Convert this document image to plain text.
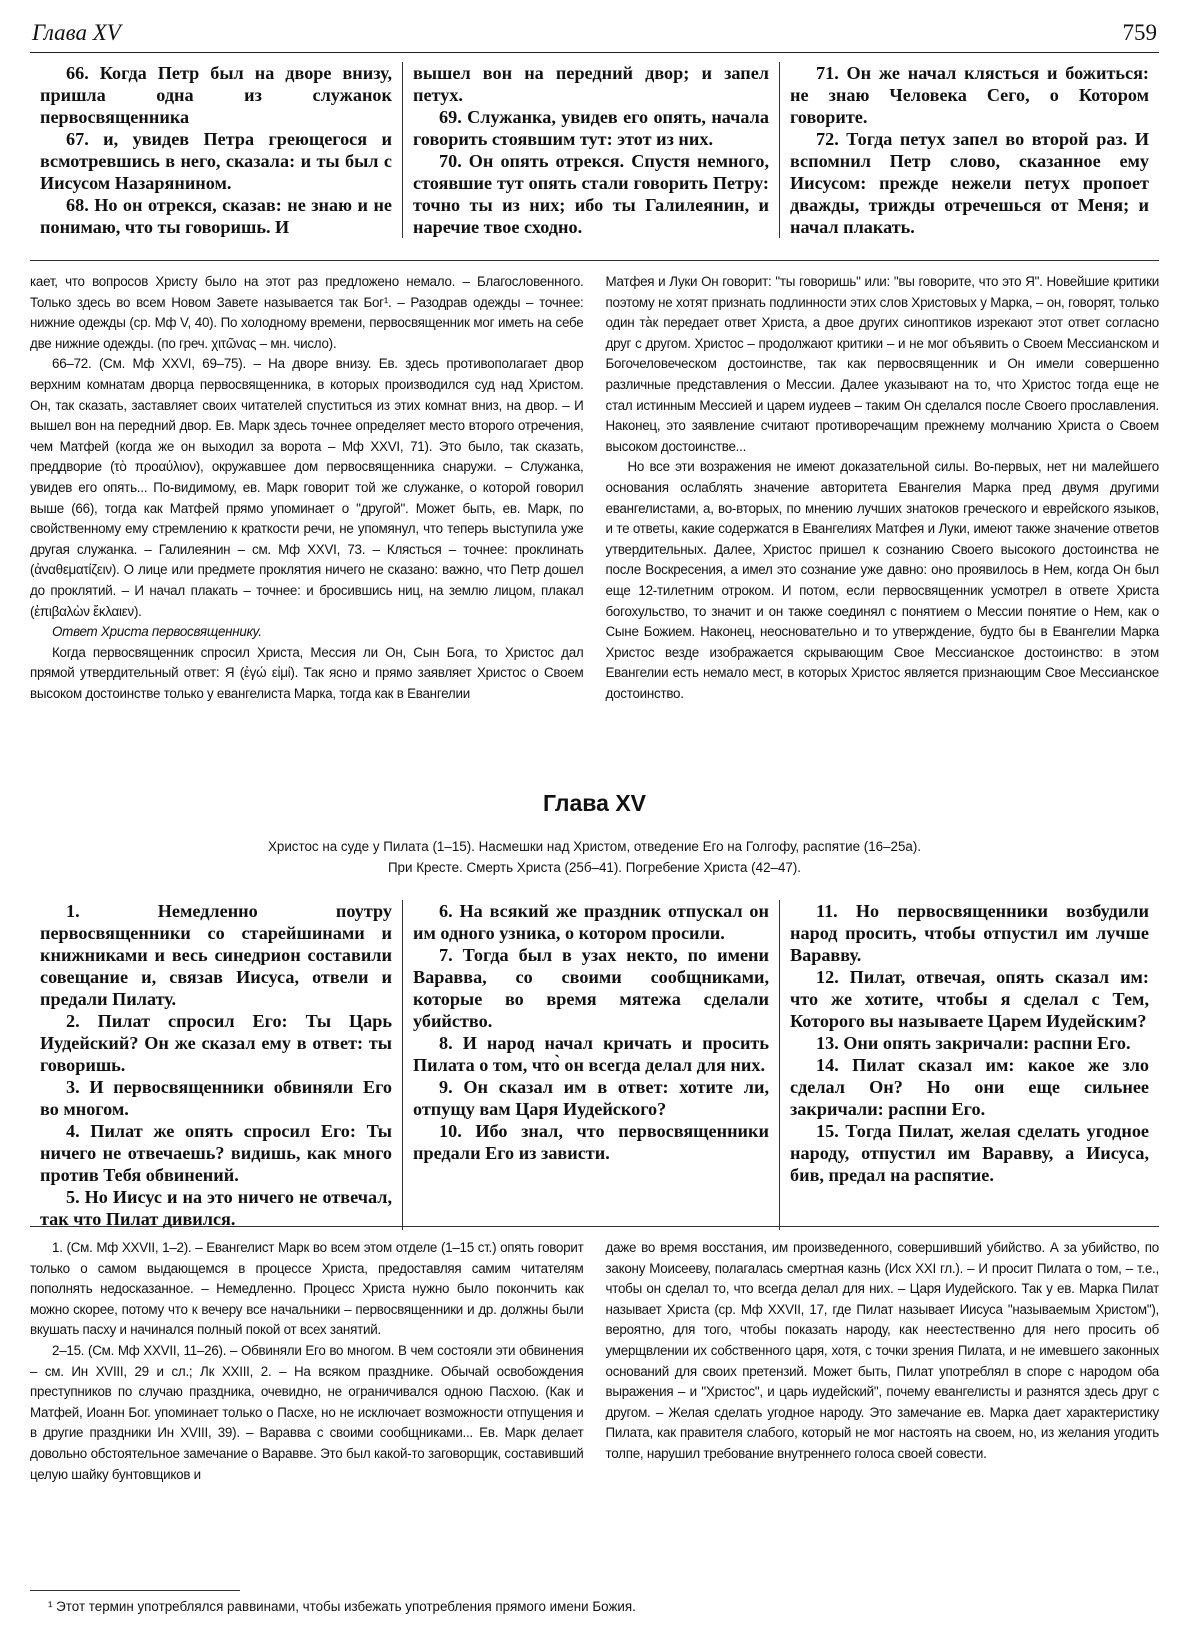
Глава XV	759

66. Когда Петр был на дворе внизу, пришла одна из служанок первосвященника

67. и, увидев Петра греющегося и всмотревшись в него, сказала: и ты был с Иисусом Назарянином.

68. Но он отрекся, сказав: не знаю и не понимаю, что ты говоришь. И

вышел вон на передний двор; и запел петух.

69. Служанка, увидев его опять, начала говорить стоявшим тут: этот из них.

70. Он опять отрекся. Спустя немного, стоявшие тут опять стали говорить Петру: точно ты из них; ибо ты Галилеянин, и наречие твое сходно.

71. Он же начал клясться и божиться: не знаю Человека Сего, о Котором говорите.

72. Тогда петух запел во второй раз. И вспомнил Петр слово, сказанное ему Иисусом: прежде нежели петух пропоет дважды, трижды отречешься от Меня; и начал плакать.

кает, что вопросов Христу было на этот раз предложено немало. – Благословенного. Только здесь во всем Новом Завете называется так Бог¹. – Разодрав одежды – точнее: нижние одежды (ср. Мф V, 40). По холодному времени, первосвященник мог иметь на себе две нижние одежды. (по греч. χιτῶνας – мн. число).

66–72. (См. Мф XXVI, 69–75). – На дворе внизу. Ев. здесь противополагает двор верхним комнатам дворца первосвященника, в которых производился суд над Христом. Он, так сказать, заставляет своих читателей спуститься из этих комнат вниз, на двор. – И вышел вон на передний двор. Ев. Марк здесь точнее определяет место второго отречения, чем Матфей (когда же он выходил за ворота – Мф XXVI, 71). Это было, так сказать, преддворие (τὸ προαύλιον), окружавшее дом первосвященника снаружи. – Служанка, увидев его опять... По-видимому, ев. Марк говорит той же служанке, о которой говорил выше (66), тогда как Матфей прямо упоминает о "другой". Может быть, ев. Марк, по свойственному ему стремлению к краткости речи, не упомянул, что теперь выступила уже другая служанка. – Галилеянин – см. Мф XXVI, 73. – Клясться – точнее: проклинать (ἀναθεματίζειν). О лице или предмете проклятия ничего не сказано: важно, что Петр дошел до проклятий. – И начал плакать – точнее: и бросившись ниц, на землю лицом, плакал (ἐπιβαλὼν ἔκλαιεν).

Ответ Христа первосвященнику.

Когда первосвященник спросил Христа, Мессия ли Он, Сын Бога, то Христос дал прямой утвердительный ответ: Я (ἐγώ εἰμί). Так ясно и прямо заявляет Христос о Своем высоком достоинстве только у евангелиста Марка, тогда как в Евангелии

Матфея и Луки Он говорит: "ты говоришь" или: "вы говорите, что это Я". Новейшие критики поэтому не хотят признать подлинности этих слов Христовых у Марка, – он, говорят, только один та̀к передает ответ Христа, а двое других синоптиков изрекают этот ответ согласно друг с другом. Христос – продолжают критики – и не мог объявить о Своем Мессианском и Богочеловеческом достоинстве, так как первосвященник и Он имели совершенно различные представления о Мессии. Далее указывают на то, что Христос тогда еще не стал истинным Мессией и царем иудеев – таким Он сделался после Своего прославления. Наконец, это заявление считают противоречащим прежнему молчанию Христа о Своем высоком достоинстве...

Но все эти возражения не имеют доказательной силы. Во-первых, нет ни малейшего основания ослаблять значение авторитета Евангелия Марка пред двумя другими евангелистами, а, во-вторых, по мнению лучших знатоков греческого и еврейского языков, и те ответы, какие содержатся в Евангелиях Матфея и Луки, имеют также значение ответов утвердительных. Далее, Христос пришел к сознанию Своего высокого достоинства не после Воскресения, а имел это сознание уже давно: оно проявилось в Нем, когда Он был еще 12-тилетним отроком. И потом, если первосвященник усмотрел в ответе Христа богохульство, то значит и он также соединял с понятием о Мессии понятие о Нем, как о Сыне Божием. Наконец, неосновательно и то утверждение, будто бы в Евангелии Марка Христос везде изображается скрывающим Свое Мессианское достоинство: в этом Евангелии есть немало мест, в которых Христос является признающим Свое Мессианское достоинство.

Глава XV
Христос на суде у Пилата (1–15). Насмешки над Христом, отведение Его на Голгофу, распятие (16–25а).
При Кресте. Смерть Христа (25б–41). Погребение Христа (42–47).

1. Немедленно поутру первосвященники со старейшинами и книжниками и весь синедрион составили совещание и, связав Иисуса, отвели и предали Пилату.

2. Пилат спросил Его: Ты Царь Иудейский? Он же сказал ему в ответ: ты говоришь.

3. И первосвященники обвиняли Его во многом.

4. Пилат же опять спросил Его: Ты ничего не отвечаешь? видишь, как много против Тебя обвинений.

5. Но Иисус и на это ничего не отвечал, так что Пилат дивился.

6. На всякий же праздник отпускал он им одного узника, о котором просили.

7. Тогда был в узах некто, по имени Варавва, со своими сообщниками, которые во время мятежа сделали убийство.

8. И народ начал кричать и просить Пилата о том, что̀ он всегда делал для них.

9. Он сказал им в ответ: хотите ли, отпущу вам Царя Иудейского?

10. Ибо знал, что первосвященники предали Его из зависти.

11. Но первосвященники возбудили народ просить, чтобы отпустил им лучше Варавву.

12. Пилат, отвечая, опять сказал им: что же хотите, чтобы я сделал с Тем, Которого вы называете Царем Иудейским?

13. Они опять закричали: распни Его.

14. Пилат сказал им: какое же зло сделал Он? Но они еще сильнее закричали: распни Его.

15. Тогда Пилат, желая сделать угодное народу, отпустил им Варавву, а Иисуса, бив, предал на распятие.

1. (См. Мф XXVII, 1–2). – Евангелист Марк во всем этом отделе (1–15 ст.) опять говорит только о самом выдающемся в процессе Христа, предоставляя самим читателям пополнять недосказанное. – Немедленно. Процесс Христа нужно было покончить как можно скорее, потому что к вечеру все начальники – первосвященники и др. должны были вкушать пасху и начинался полный покой от всех занятий.

2–15. (См. Мф XXVII, 11–26). – Обвиняли Его во многом. В чем состояли эти обвинения – см. Ин XVIII, 29 и сл.; Лк XXIII, 2. – На всяком празднике. Обычай освобождения преступников по случаю праздника, очевидно, не ограничивался одною Пасхою. (Как и Матфей, Иоанн Бог. упоминает только о Пасхе, но не исключает возможности отпущения и в другие праздники Ин XVIII, 39). – Варавва с своими сообщниками... Ев. Марк делает довольно обстоятельное замечание о Варавве. Это был какой-то заговорщик, составивший целую шайку бунтовщиков и

даже во время восстания, им произведенного, совершивший убийство. А за убийство, по закону Моисееву, полагалась смертная казнь (Исх XXI гл.). – И просит Пилата о том, – т.е., чтобы он сделал то, что всегда делал для них. – Царя Иудейского. Так у ев. Марка Пилат называет Христа (ср. Мф XXVII, 17, где Пилат называет Иисуса "называемым Христом"), вероятно, для того, чтобы показать народу, как неестественно для него просить об умерщвлении их собственного царя, хотя, с точки зрения Пилата, и не имевшего законных оснований для своих претензий. Может быть, Пилат употреблял в споре с народом оба выражения – и "Христос", и царь иудейский", почему евангелисты и разнятся здесь друг с другом. – Желая сделать угодное народу. Это замечание ев. Марка дает характеристику Пилата, как правителя слабого, который не мог настоять на своем, но, из желания угодить толпе, нарушил требование внутреннего голоса своей совести.

¹ Этот термин употреблялся раввинами, чтобы избежать употребления прямого имени Божия.
